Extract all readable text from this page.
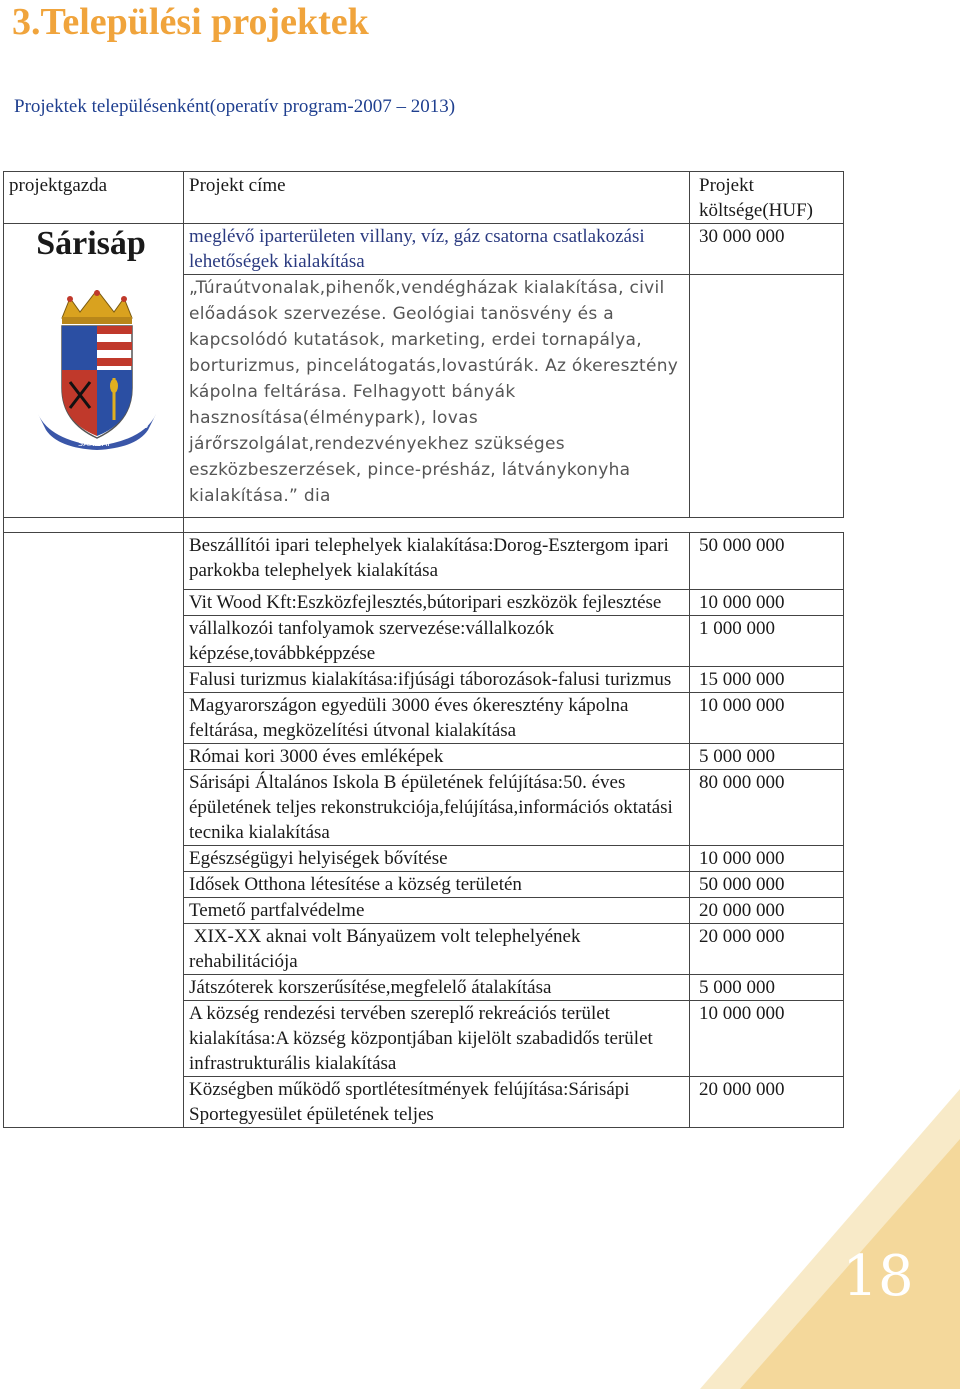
3.Települési projektek
Projektek településenként(operatív program-2007 – 2013)
projektgazda	Projekt címe	Projekt költsége(HUF)

Sárisáp
1851 1990
SÁRISÁP	meglévő iparterületen villany, víz, gáz csatorna csatlakozási lehetőségek kialakítása	30 000 000
	„Túraútvonalak,pihenők,vendégházak kialakítása, civil előadások szervezése. Geológiai tanösvény és a kapcsolódó kutatások, marketing, erdei tornapálya, borturizmus, pincelátogatás,lovastúrák. Az ókeresztény kápolna feltárása. Felhagyott bányák hasznosítása(élménypark), lovas járőrszolgálat,rendezvényekhez szükséges eszközbeszerzések, pince-présház, látványkonyha kialakítása.” dia	

	Beszállítói ipari telephelyek kialakítása:Dorog-Esztergom ipari parkokba telephelyek kialakítása	50 000 000
	Vit Wood Kft:Eszközfejlesztés,bútoripari eszközök fejlesztése	10 000 000
	vállalkozói tanfolyamok szervezése:vállalkozók képzése,továbbképpzése	1 000 000
	Falusi turizmus kialakítása:ifjúsági táborozások-falusi turizmus	15 000 000
	Magyarországon egyedüli 3000 éves ókeresztény kápolna feltárása, megközelítési útvonal kialakítása	10 000 000
	Római kori 3000 éves emléképek	5 000 000
	Sárisápi Általános Iskola B épületének felújítása:50. éves épületének teljes rekonstrukciója,felújítása,információs oktatási tecnika kialakítása	80 000 000
	Egészségügyi helyiségek bővítése	10 000 000
	Idősek Otthona létesítése a község területén	50 000 000
	Temető partfalvédelme	20 000 000
	XIX-XX aknai volt Bányaüzem volt telephelyének rehabilitációja	20 000 000
	Játszóterek korszerűsítése,megfelelő átalakítása	5 000 000
	A község rendezési tervében szereplő rekreációs terület kialakítása:A község központjában kijelölt szabadidős terület infrastrukturális kialakítása	10 000 000
	Községben működő sportlétesítmények felújítása:Sárisápi Sportegyesület épületének teljes	20 000 000
18
